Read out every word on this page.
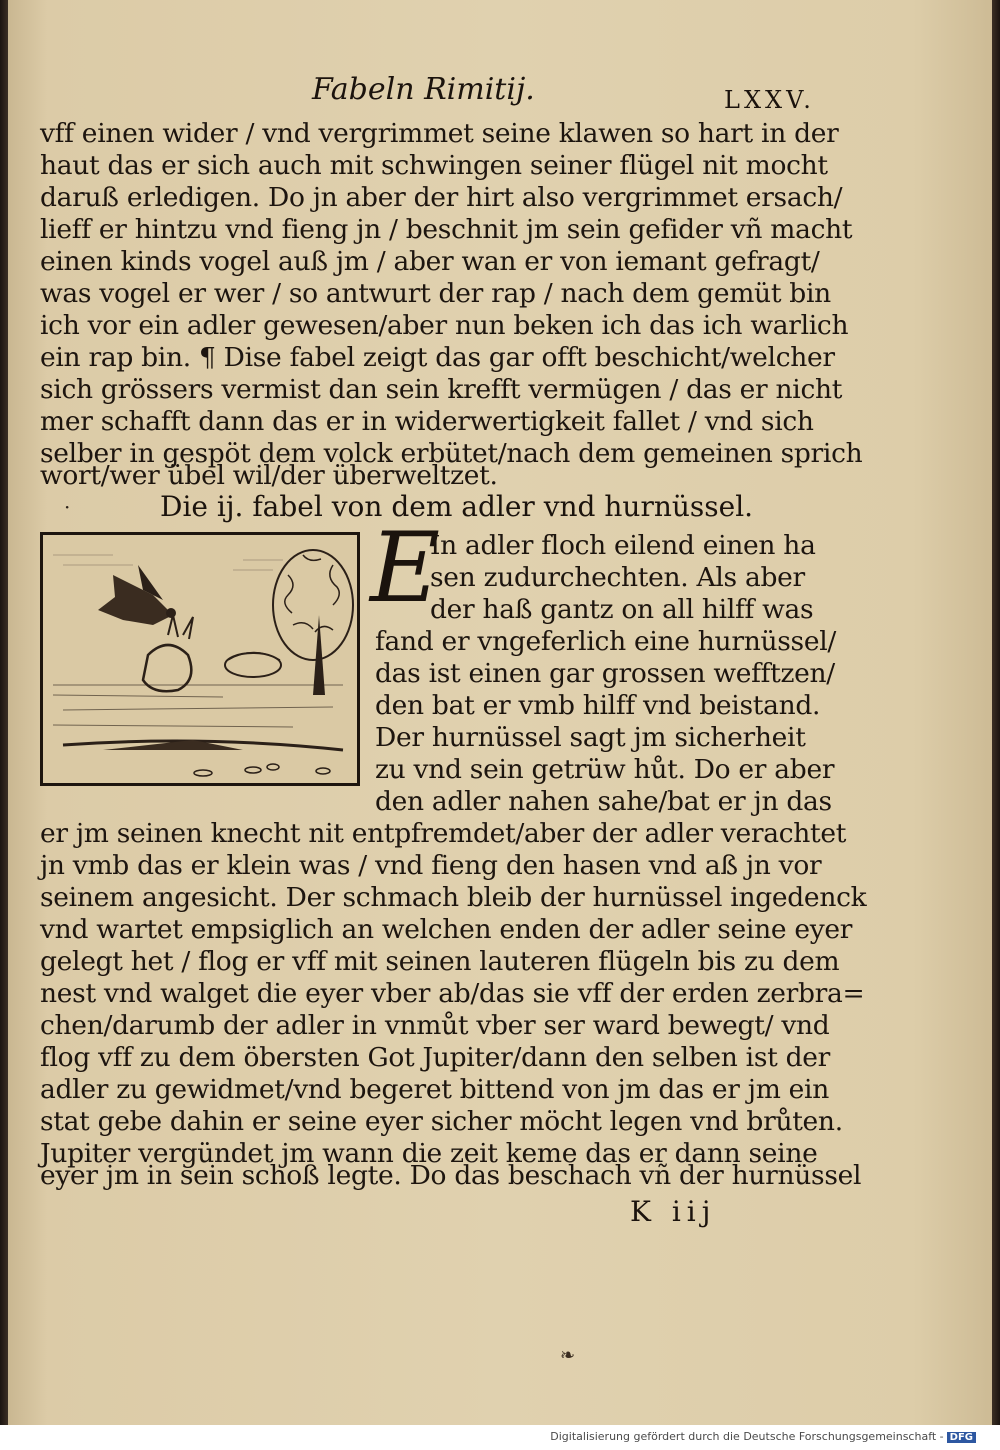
Fabeln Rimitij.	LXXV.

vff einen wider / vnd vergrimmet seine klawen so hart in der

haut das er sich auch mit schwingen seiner flügel nit mocht

daruß erledigen. Do jn aber der hirt also vergrimmet ersach/

lieff er hintzu vnd fieng jn / beschnit jm sein gefider vñ macht

einen kinds vogel auß jm / aber wan er von iemant gefragt/

was vogel er wer / so antwurt der rap / nach dem gemüt bin

ich vor ein adler gewesen/aber nun beken ich das ich warlich

ein rap bin. ¶ Dise fabel zeigt das gar offt beschicht/welcher

sich grössers vermist dan sein krefft vermügen / das er nicht

mer schafft dann das er in widerwertigkeit fallet / vnd sich

selber in gespöt dem volck erbütet/nach dem gemeinen sprich

wort/wer übel wil/der überweltzet.

·	Die ij. fabel von dem adler vnd hurnüssel.

E

In adler floch eilend einen ha

sen zudurchechten. Als aber

der haß gantz on all hilff was

fand er vngeferlich eine hurnüssel/

das ist einen gar grossen wefftzen/

den bat er vmb hilff vnd beistand.

Der hurnüssel sagt jm sicherheit

zu vnd sein getrüw hůt. Do er aber

den adler nahen sahe/bat er jn das

er jm seinen knecht nit entpfremdet/aber der adler verachtet

jn vmb das er klein was / vnd fieng den hasen vnd aß jn vor

seinem angesicht. Der schmach bleib der hurnüssel ingedenck

vnd wartet empsiglich an welchen enden der adler seine eyer

gelegt het / flog er vff mit seinen lauteren flügeln bis zu dem

nest vnd walget die eyer vber ab/das sie vff der erden zerbra=

chen/darumb der adler in vnmůt vber ser ward bewegt/ vnd

flog vff zu dem öbersten Got Jupiter/dann den selben ist der

adler zu gewidmet/vnd begeret bittend von jm das er jm ein

stat gebe dahin er seine eyer sicher möcht legen vnd brůten.

Jupiter vergündet jm wann die zeit keme das er dann seine

eyer jm in sein schoß legte. Do das beschach vñ der hurnüssel

K iij

❧
Digitalisierung gefördert durch die Deutsche Forschungsgemeinschaft - DFG
